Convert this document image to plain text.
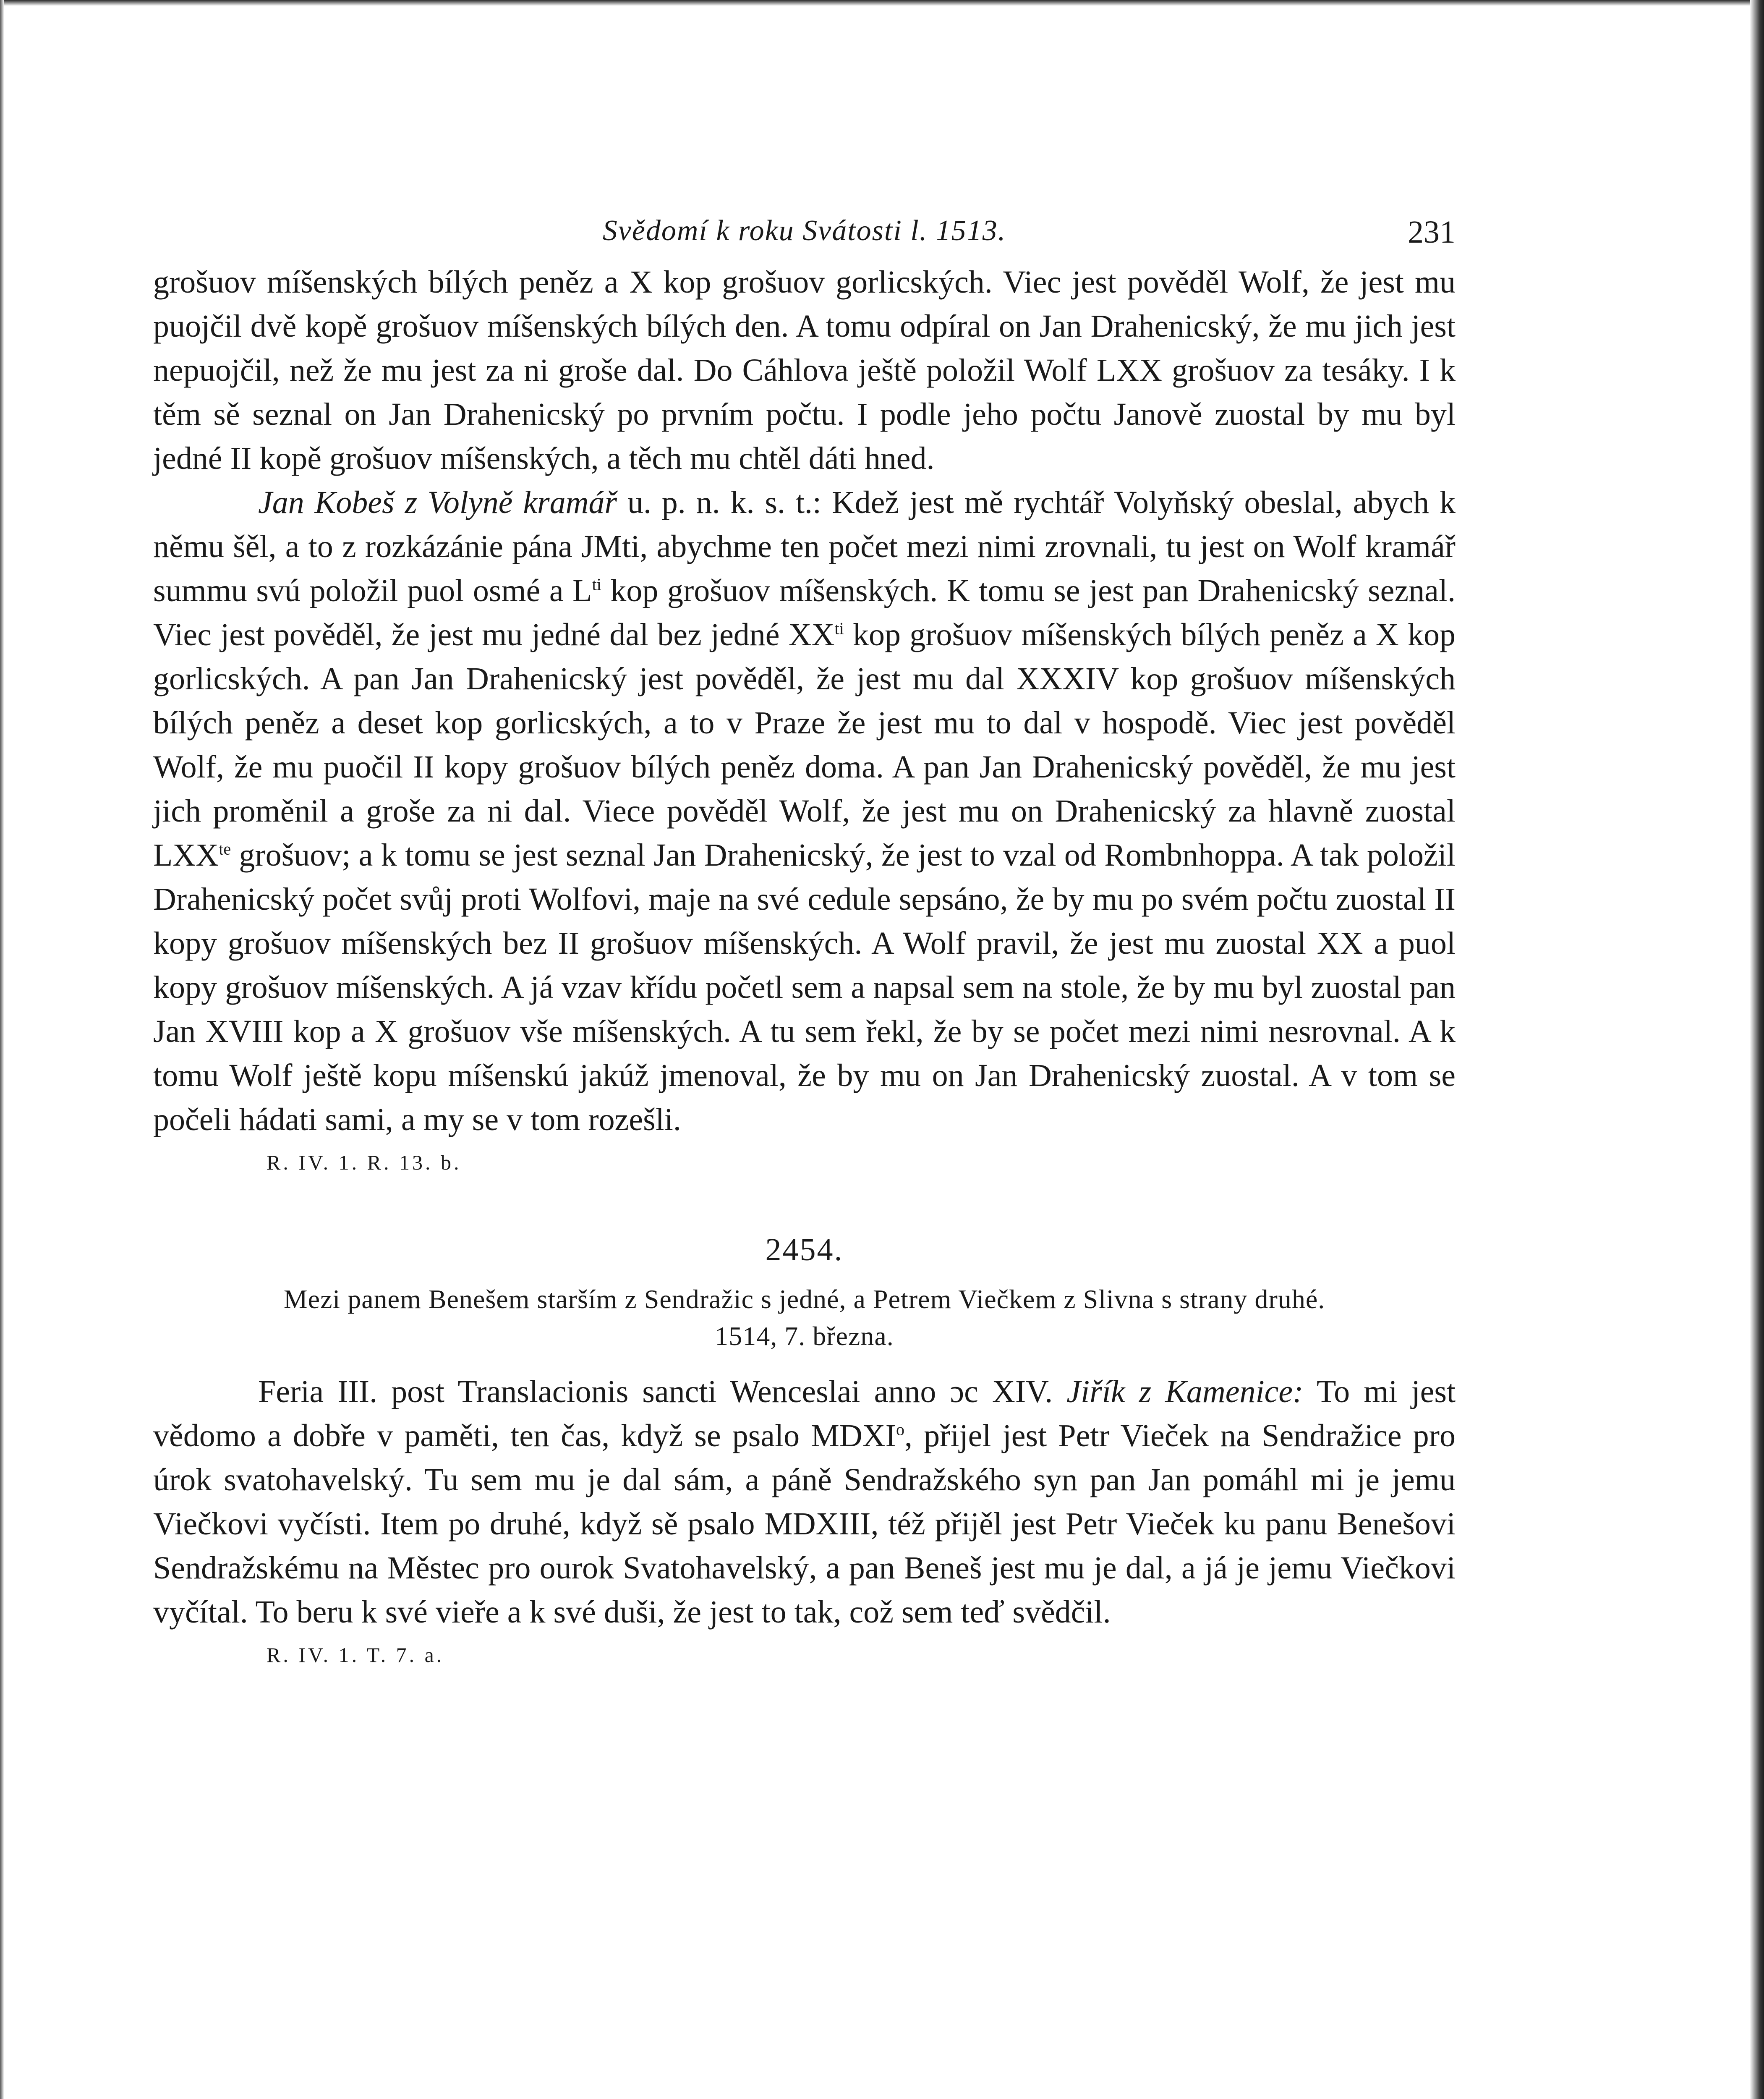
Svědomí k roku Svátosti l. 1513.	231

grošuov míšenských bílých peněz a X kop grošuov gorlicských. Viec jest pověděl Wolf, že jest mu puojčil dvě kopě grošuov míšenských bílých den. A tomu odpíral on Jan Drahenicský, že mu jich jest nepuojčil, než že mu jest za ni groše dal. Do Cáhlova ještě položil Wolf LXX grošuov za tesáky. I k těm sě seznal on Jan Drahenicský po prvním počtu. I podle jeho počtu Janově zuostal by mu byl jedné II kopě grošuov míšenských, a těch mu chtěl dáti hned.

Jan Kobeš z Volyně kramář u. p. n. k. s. t.: Kdež jest mě rychtář Volyňský obeslal, abych k němu šěl, a to z rozkázánie pána JMti, abychme ten počet mezi nimi zrovnali, tu jest on Wolf kramář summu svú položil puol osmé a $L^{ti}$ kop grošuov míšenských. K tomu se jest pan Drahenicský seznal. Viec jest pověděl, že jest mu jedné dal bez jedné $XX^{ti}$ kop grošuov míšenských bílých peněz a X kop gorlicských. A pan Jan Drahenicský jest pověděl, že jest mu dal XXXIV kop grošuov míšenských bílých peněz a deset kop gorlicských, a to v Praze že jest mu to dal v hospodě. Viec jest pověděl Wolf, že mu puočil II kopy grošuov bílých peněz doma. A pan Jan Drahenicský pověděl, že mu jest jich proměnil a groše za ni dal. Viece pověděl Wolf, že jest mu on Drahenicský za hlavně zuostal $LXX^{te}$ grošuov; a k tomu se jest seznal Jan Drahenicský, že jest to vzal od Rombnhoppa. A tak položil Drahenicský počet svůj proti Wolfovi, maje na své cedule sepsáno, že by mu po svém počtu zuostal II kopy grošuov míšenských bez II grošuov míšenských. A Wolf pravil, že jest mu zuostal XX a puol kopy grošuov míšenských. A já vzav křídu početl sem a napsal sem na stole, že by mu byl zuostal pan Jan XVIII kop a X grošuov vše míšenských. A tu sem řekl, že by se počet mezi nimi nesrovnal. A k tomu Wolf ještě kopu míšenskú jakúž jmenoval, že by mu on Jan Drahenicský zuostal. A v tom se počeli hádati sami, a my se v tom rozešli.

R. IV. 1. R. 13. b.
2454.
Mezi panem Benešem starším z Sendražic s jedné, a Petrem Viečkem z Slivna s strany druhé.
1514, 7. března.

Feria III. post Translacionis sancti Wenceslai anno ɔc XIV. Jiřík z Kamenice: To mi jest vědomo a dobře v paměti, ten čas, když se psalo MDXI$^o$, přijel jest Petr Vieček na Sendražice pro úrok svatohavelský. Tu sem mu je dal sám, a páně Sendražského syn pan Jan pomáhl mi je jemu Viečkovi vyčísti. Item po druhé, když sě psalo MDXIII, též přijěl jest Petr Vieček ku panu Benešovi Sendražskému na Městec pro ourok Svatohavelský, a pan Beneš jest mu je dal, a já je jemu Viečkovi vyčítal. To beru k své vieře a k své duši, že jest to tak, což sem teď svědčil.

R. IV. 1. T. 7. a.
